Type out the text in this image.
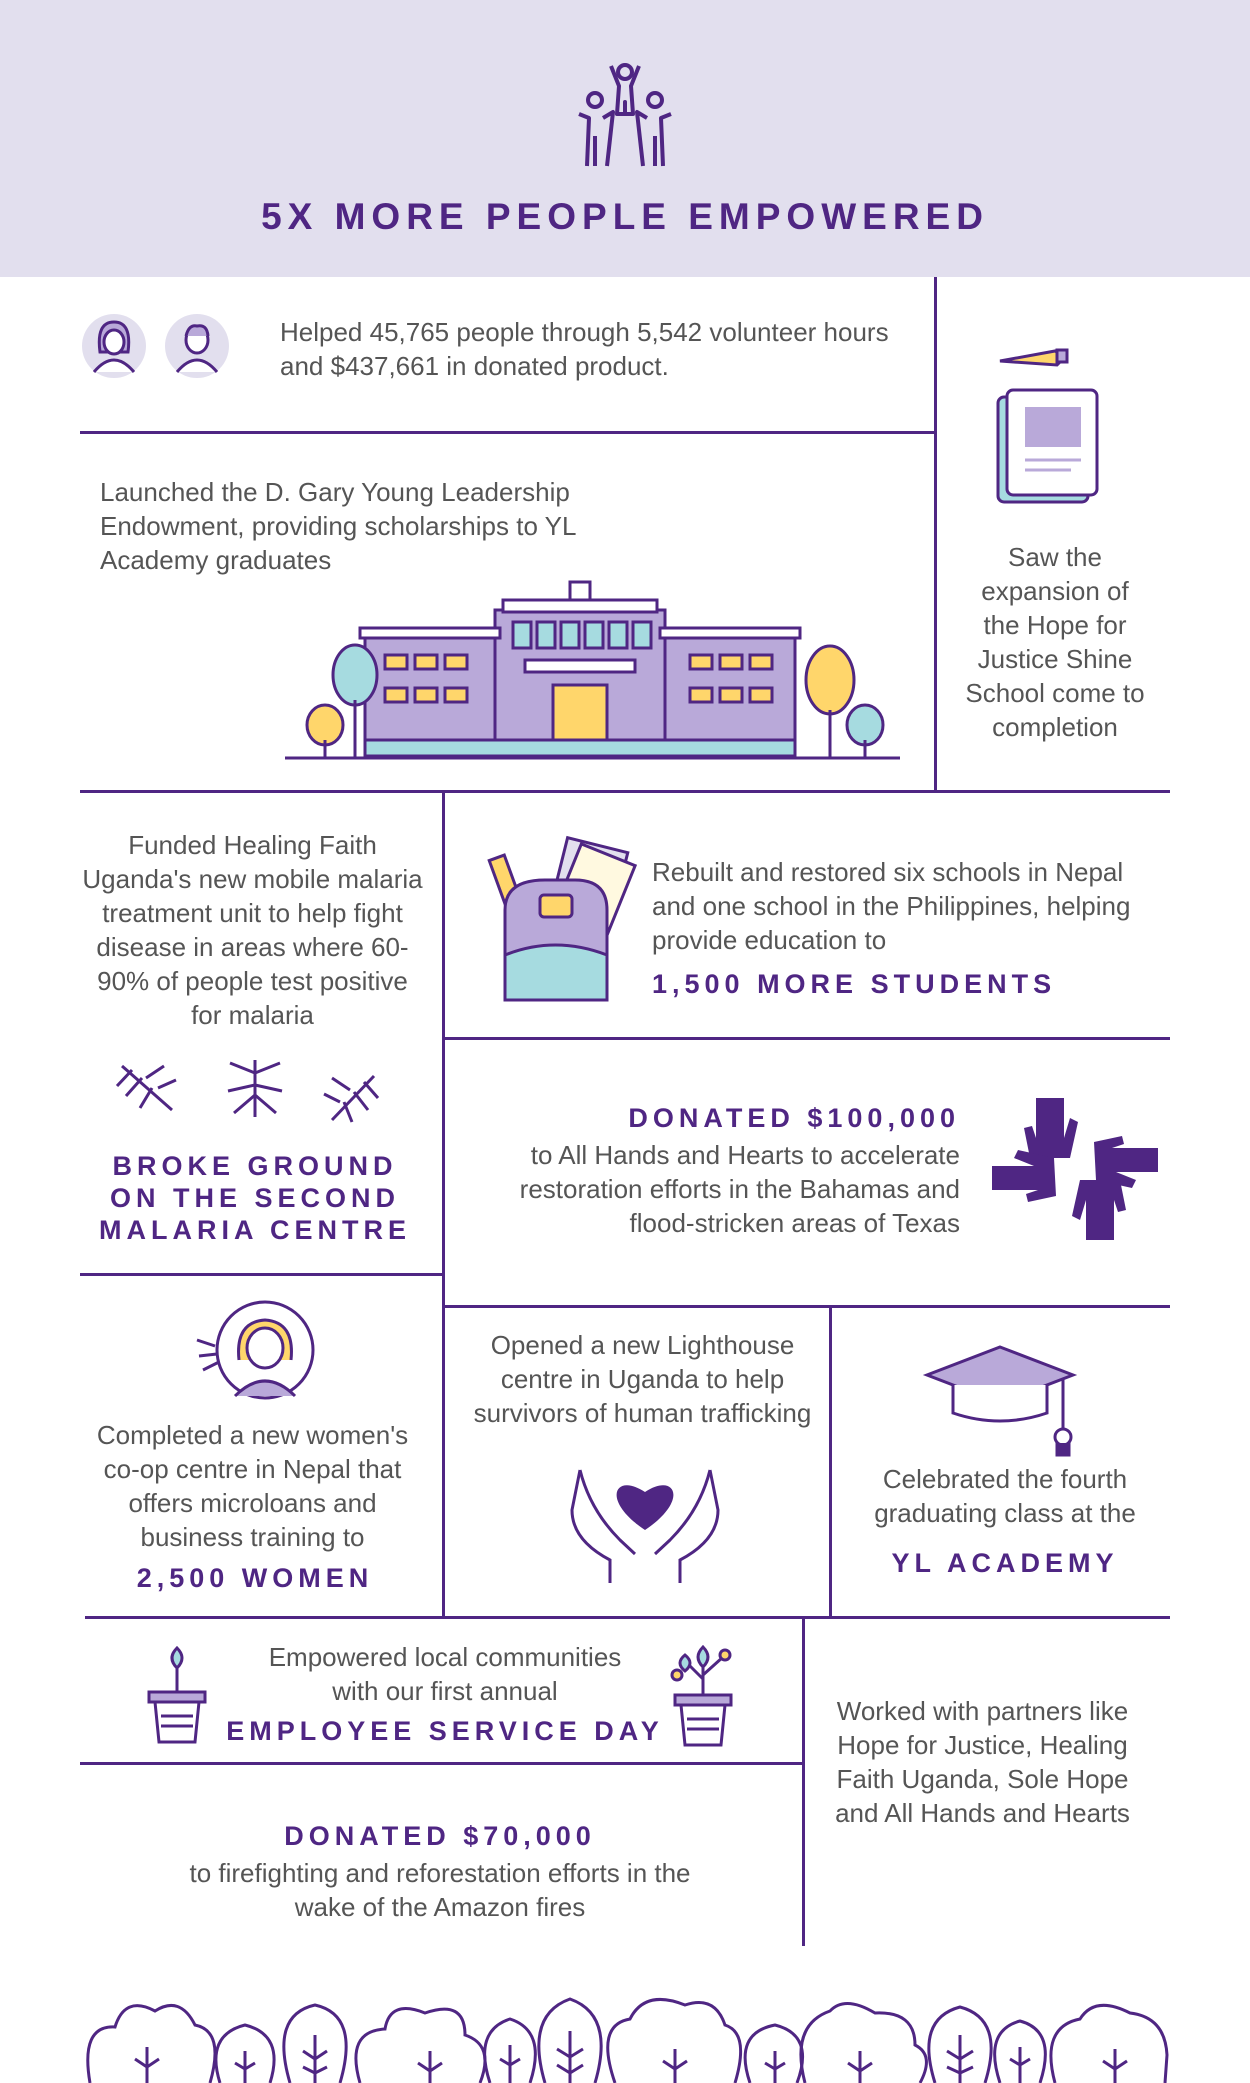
5X MORE PEOPLE EMPOWERED
Helped 45,765 people through 5,542 volunteer hours and $437,661 in donated product.
Launched the D. Gary Young Leadership Endowment, providing scholarships to YL Academy graduates	Saw the expansion of the Hope for Justice Shine School come to completion
Funded Healing Faith Uganda's new mobile malaria treatment unit to help fight disease in areas where 60-90% of people test positive for malaria
BROKE GROUND ON THE SECOND MALARIA CENTRE
Rebuilt and restored six schools in Nepal and one school in the Philippines, helping provide education to
1,500 MORE STUDENTS
DONATED $100,000
to All Hands and Hearts to accelerate restoration efforts in the Bahamas and flood-stricken areas of Texas
Completed a new women's co-op centre in Nepal that offers microloans and business training to
2,500 WOMEN
Opened a new Lighthouse centre in Uganda to help survivors of human trafficking
Celebrated the fourth graduating class at the
YL ACADEMY
Empowered local communities with our first annual
EMPLOYEE SERVICE DAY
Worked with partners like Hope for Justice, Healing Faith Uganda, Sole Hope and All Hands and Hearts
DONATED $70,000
to firefighting and reforestation efforts in the wake of the Amazon fires
